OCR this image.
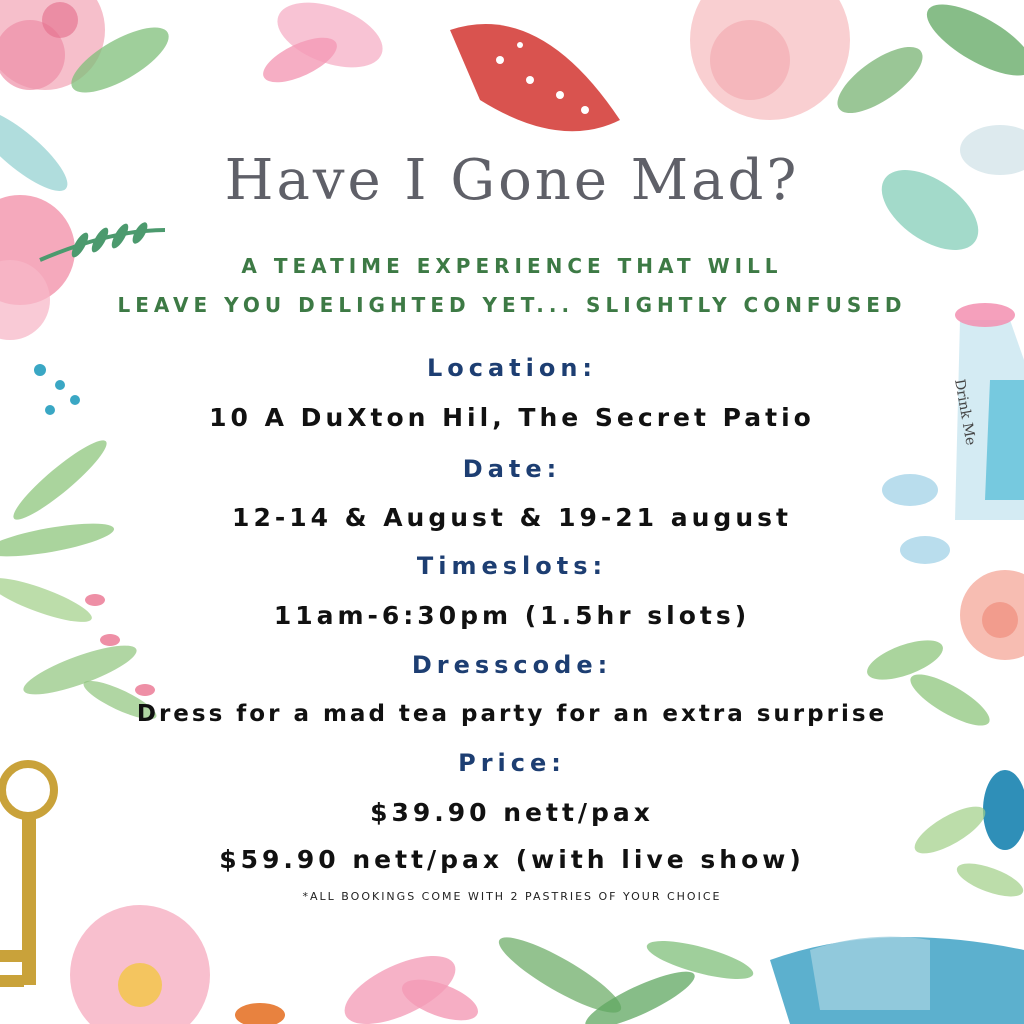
Drink Me
Have I Gone Mad?
A TEATIME EXPERIENCE THAT WILL
LEAVE YOU DELIGHTED YET... SLIGHTLY CONFUSED
Location:
10 A DuXton Hil, The Secret Patio
Date:
12-14 & August & 19-21 august
Timeslots:
11am-6:30pm (1.5hr slots)
Dresscode:
Dress for a mad tea party for an extra surprise
Price:
$39.90 nett/pax
$59.90 nett/pax (with live show)
*ALL BOOKINGS COME WITH 2 PASTRIES OF YOUR CHOICE
